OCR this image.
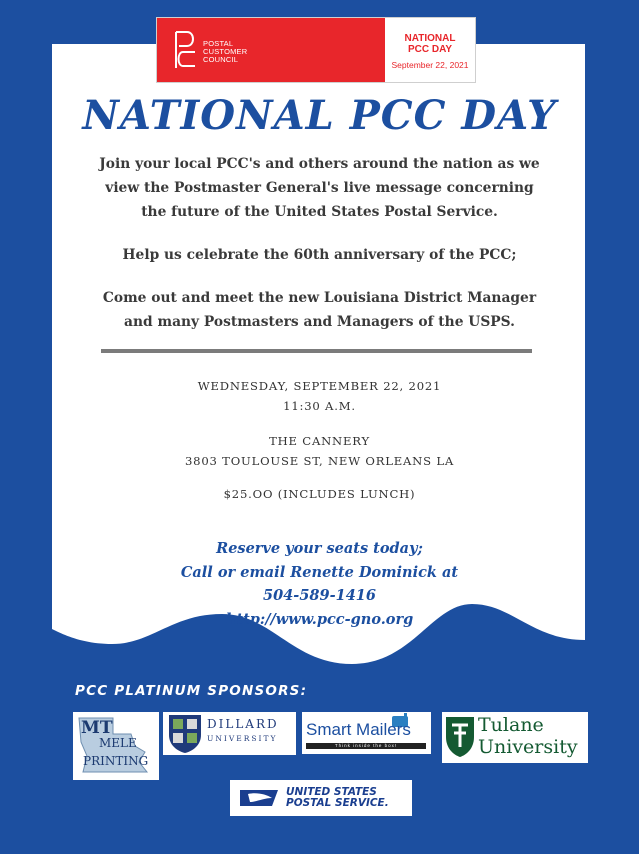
POSTAL
CUSTOMER
COUNCIL
NATIONAL
PCC DAY
September 22, 2021
NATIONAL PCC DAY
Join your local PCC's and others around the nation as we
view the Postmaster General's live message concerning
the future of the United States Postal Service.
Help us celebrate the 60th anniversary of the PCC;
Come out and meet the new Louisiana District Manager
and many Postmasters and Managers of the USPS.
WEDNESDAY, SEPTEMBER 22, 2021
11:30 A.M.
THE CANNERY
3803 TOULOUSE ST, NEW ORLEANS LA
$25.OO (INCLUDES LUNCH)
Reserve your seats today;
Call or email Renette Dominick at
504-589-1416
http://www.pcc-gno.org
PCC PLATINUM SPONSORS:
MT
MELE
PRINTING
DILLARD
UNIVERSITY Smart Mailers
Think inside the box!
Tulane
University
UNITED STATES
POSTAL SERVICE.
